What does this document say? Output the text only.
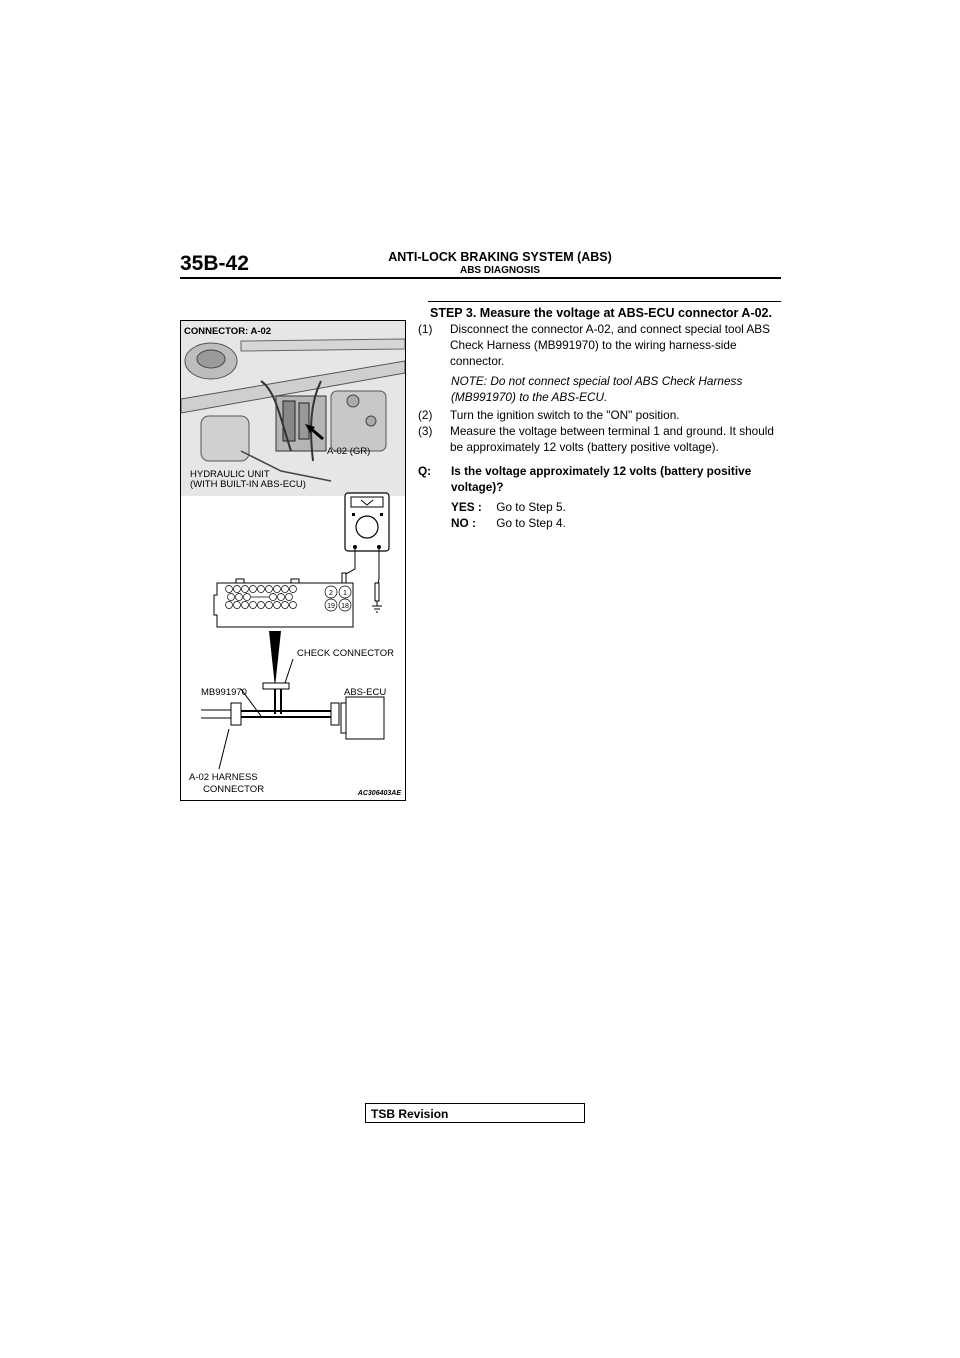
35B-42	ANTI-LOCK BRAKING SYSTEM (ABS)
ABS DIAGNOSIS
CONNECTOR: A-02
A-02 (GR)
HYDRAULIC UNIT
(WITH BUILT-IN ABS-ECU)
2 1
19 18
CHECK CONNECTOR
MB991970	ABS-ECU
A-02 HARNESS
CONNECTOR	AC306403AE
STEP 3. Measure the voltage at ABS-ECU connector A-02.
(1)	Disconnect the connector A-02, and connect special tool ABS Check Harness (MB991970) to the wiring harness-side connector.
NOTE: Do not connect special tool ABS Check Harness (MB991970) to the ABS-ECU.
(2)	Turn the ignition switch to the "ON" position.
(3)	Measure the voltage between terminal 1 and ground. It should be approximately 12 volts (battery positive voltage).
Q:	Is the voltage approximately 12 volts (battery positive voltage)?
YES : Go to Step 5.
NO : Go to Step 4.
TSB Revision
